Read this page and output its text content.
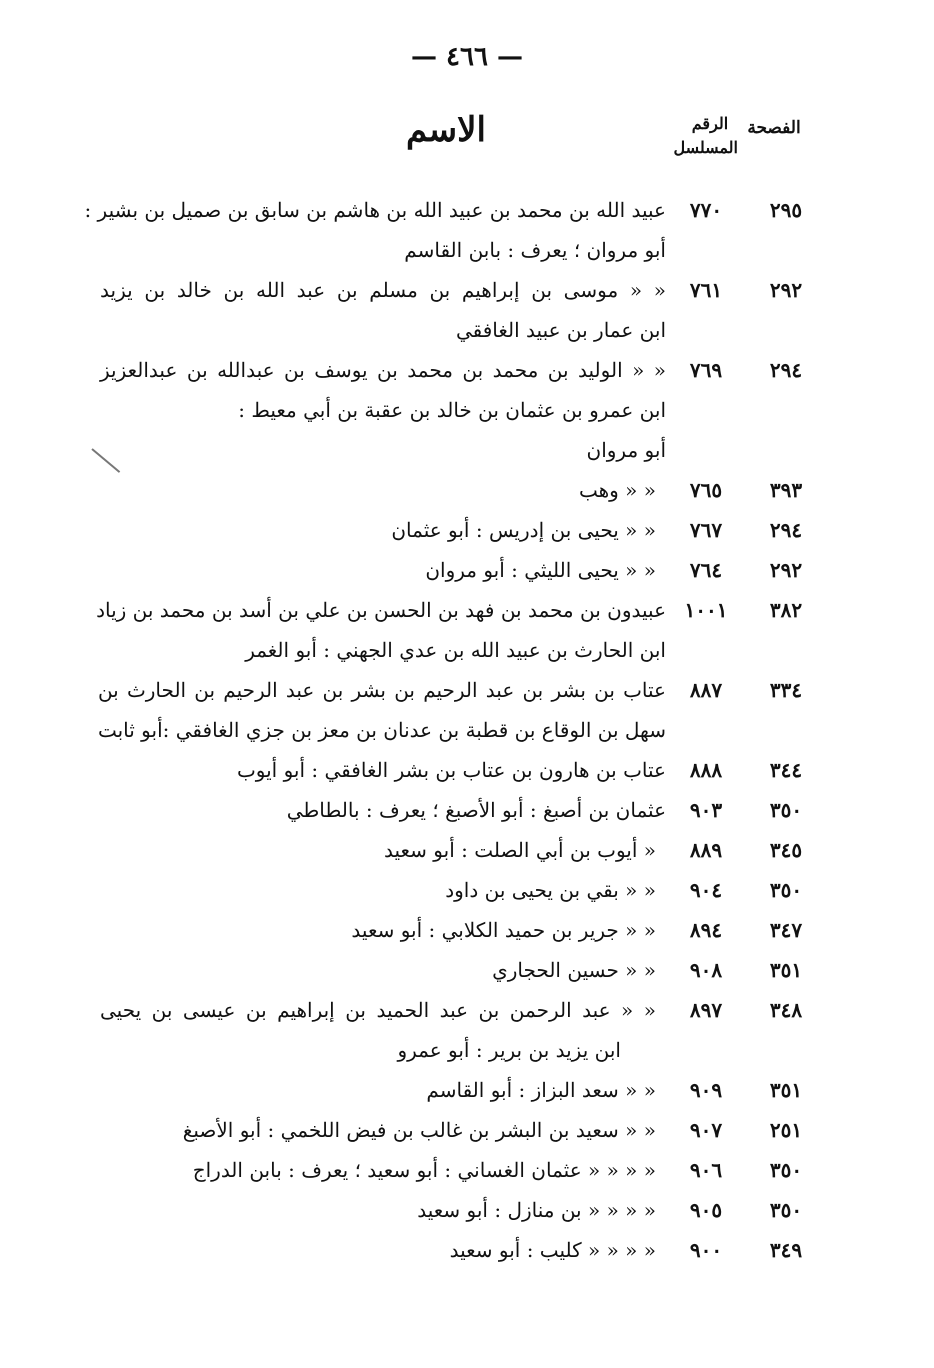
— ٤٦٦ —
الفصحة
الرقم
المسلسل
الاسم
٢٩٥
٧٧٠
عبيد الله بن محمد بن عبيد الله بن هاشم بن سابق بن صميل بن بشير :
أبو مروان ؛ يعرف : بابن القاسم
٢٩٢
٧٦١
« « موسى بن إبراهيم بن مسلم بن عبد الله بن خالد بن يزيد
ابن عمار بن عبيد الغافقي
٢٩٤
٧٦٩
« « الوليد بن محمد بن محمد بن يوسف بن عبدالله بن عبدالعزيز
ابن عمرو بن عثمان بن خالد بن عقبة بن أبي معيط :
أبو مروان
٣٩٣
٧٦٥
« « وهب
٢٩٤
٧٦٧
« « يحيى بن إدريس : أبو عثمان
٢٩٢
٧٦٤
« « يحيى الليثي : أبو مروان
٣٨٢
١٠٠١
عبيدون بن محمد بن فهد بن الحسن بن علي بن أسد بن محمد بن زياد
ابن الحارث بن عبيد الله بن عدي الجهني : أبو الغمر
٣٣٤
٨٨٧
عتاب بن بشر بن عبد الرحيم بن بشر بن عبد الرحيم بن الحارث بن
سهل بن الوقاع بن قطبة بن عدنان بن معز بن جزي الغافقي :أبو ثابت
٣٤٤
٨٨٨
عتاب بن هارون بن عتاب بن بشر الغافقي : أبو أيوب
٣٥٠
٩٠٣
عثمان بن أصبغ : أبو الأصبغ ؛ يعرف : بالطاطي
٣٤٥
٨٨٩
« أيوب بن أبي الصلت : أبو سعيد
٣٥٠
٩٠٤
« « بقي بن يحيى بن داود
٣٤٧
٨٩٤
« « جرير بن حميد الكلابي : أبو سعيد
٣٥١
٩٠٨
« « حسين الحجاري
٣٤٨
٨٩٧
« « عبد الرحمن بن عبد الحميد بن إبراهيم بن عيسى بن يحيى
ابن يزيد بن برير : أبو عمرو
٣٥١
٩٠٩
« « سعد البزاز : أبو القاسم
٢٥١
٩٠٧
« « سعيد بن البشر بن غالب بن فيض اللخمي : أبو الأصبغ
٣٥٠
٩٠٦
« « « « عثمان الغساني : أبو سعيد ؛ يعرف : بابن الدراج
٣٥٠
٩٠٥
« « « « بن منازل : أبو سعيد
٣٤٩
٩٠٠
« « « « كليب : أبو سعيد
